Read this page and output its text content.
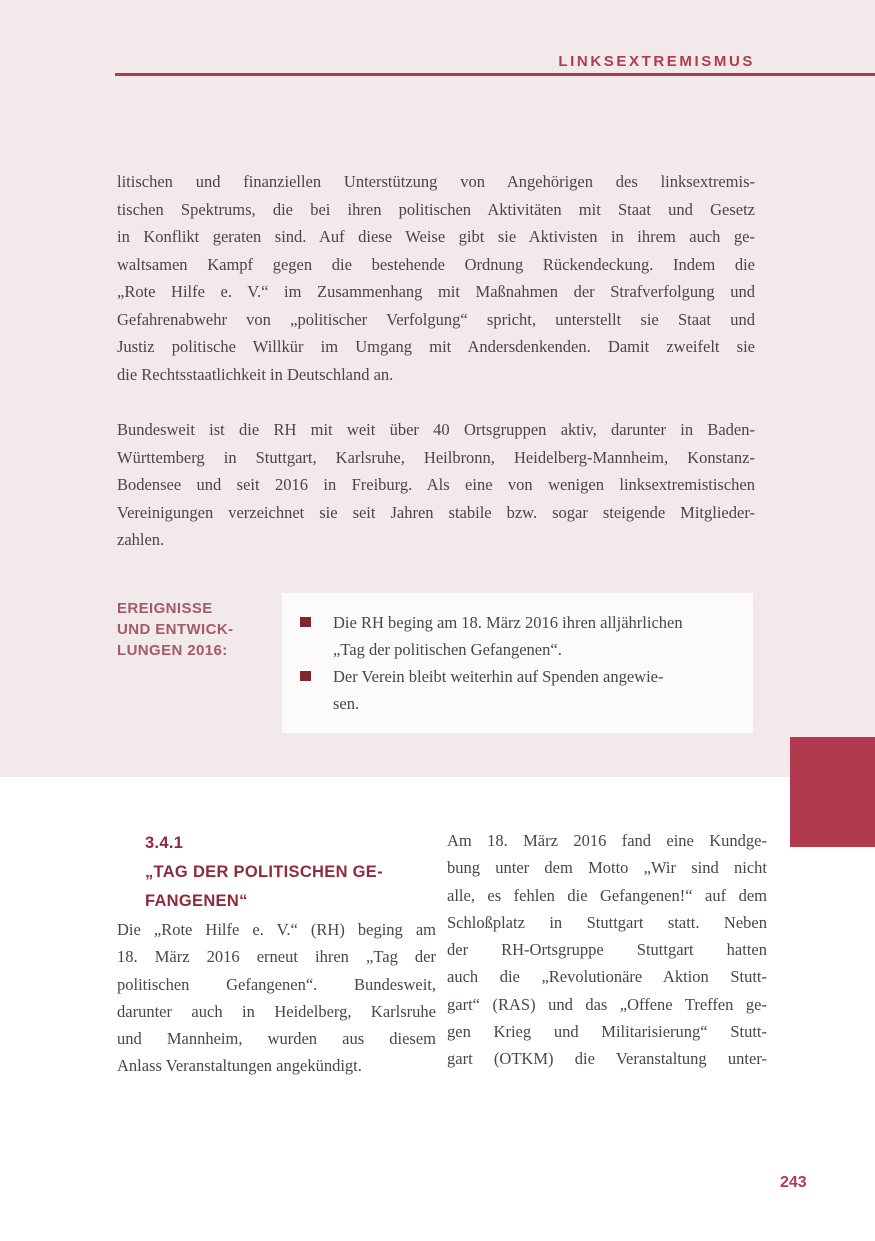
LINKSEXTREMISMUS
litischen und finanziellen Unterstützung von Angehörigen des linksextremis-
tischen Spektrums, die bei ihren politischen Aktivitäten mit Staat und Gesetz
in Konflikt geraten sind. Auf diese Weise gibt sie Aktivisten in ihrem auch ge-
waltsamen Kampf gegen die bestehende Ordnung Rückendeckung. Indem die
„Rote Hilfe e. V.“ im Zusammenhang mit Maßnahmen der Strafverfolgung und
Gefahrenabwehr von „politischer Verfolgung“ spricht, unterstellt sie Staat und
Justiz politische Willkür im Umgang mit Andersdenkenden. Damit zweifelt sie
die Rechtsstaatlichkeit in Deutschland an.
Bundesweit ist die RH mit weit über 40 Ortsgruppen aktiv, darunter in Baden-
Württemberg in Stuttgart, Karlsruhe, Heilbronn, Heidelberg-Mannheim, Konstanz-
Bodensee und seit 2016 in Freiburg. Als eine von wenigen linksextremistischen
Vereinigungen verzeichnet sie seit Jahren stabile bzw. sogar steigende Mitglieder-
zahlen.
EREIGNISSE
UND ENTWICK-
LUNGEN 2016:
Die RH beging am 18. März 2016 ihren alljährlichen
„Tag der politischen Gefangenen“.
Der Verein bleibt weiterhin auf Spenden angewie-
sen.
3.4.1
„TAG DER POLITISCHEN GE-
FANGENEN“
Die „Rote Hilfe e. V.“ (RH) beging am
18. März 2016 erneut ihren „Tag der
politischen Gefangenen“. Bundesweit,
darunter auch in Heidelberg, Karlsruhe
und Mannheim, wurden aus diesem
Anlass Veranstaltungen angekündigt.
Am 18. März 2016 fand eine Kundge-
bung unter dem Motto „Wir sind nicht
alle, es fehlen die Gefangenen!“ auf dem
Schloßplatz in Stuttgart statt. Neben
der RH-Ortsgruppe Stuttgart hatten
auch die „Revolutionäre Aktion Stutt-
gart“ (RAS) und das „Offene Treffen ge-
gen Krieg und Militarisierung“ Stutt-
gart (OTKM) die Veranstaltung unter-
243
